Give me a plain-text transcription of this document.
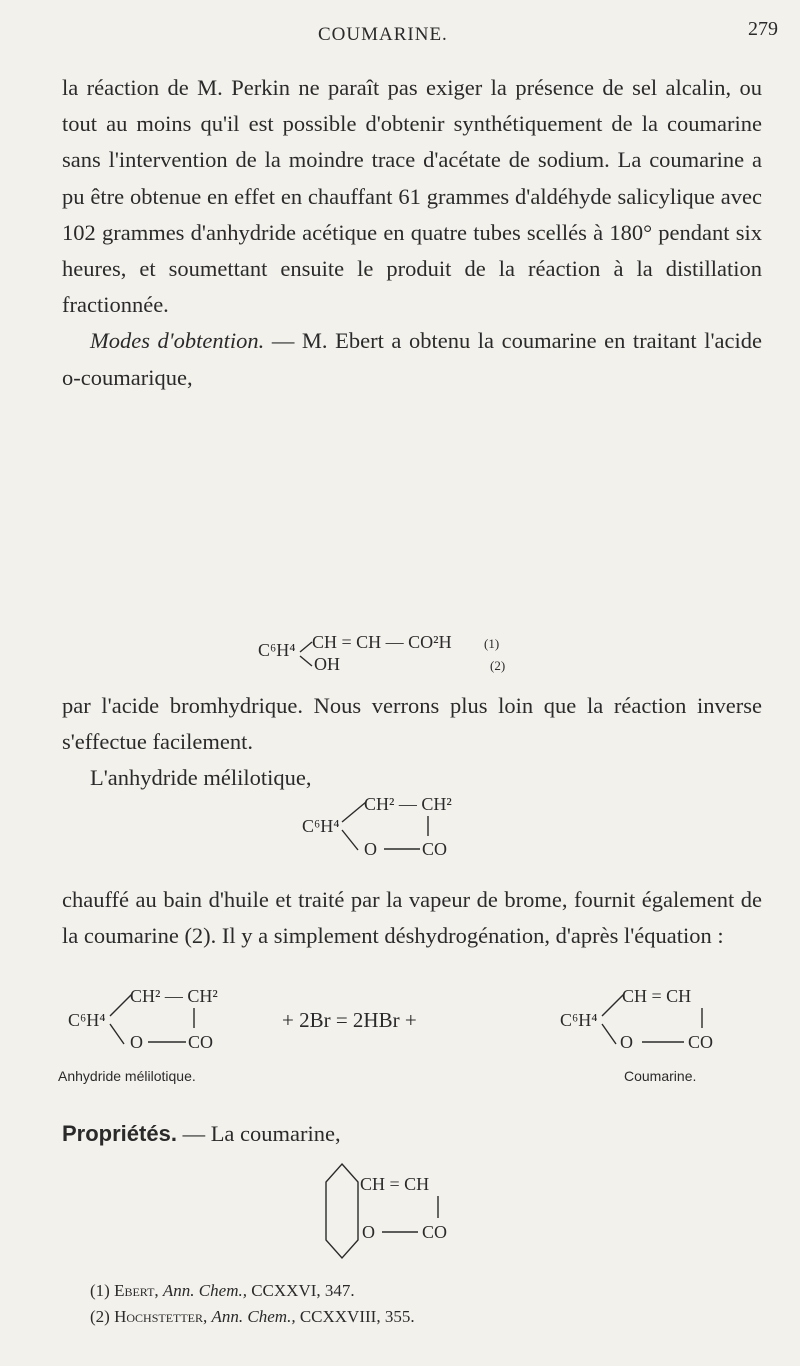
COUMARINE.	279

la réaction de M. Perkin ne paraît pas exiger la présence de sel alcalin, ou tout au moins qu'il est possible d'obtenir synthétiquement de la coumarine sans l'intervention de la moindre trace d'acétate de sodium. La coumarine a pu être obtenue en effet en chauffant 61 grammes d'aldéhyde salicylique avec 102 grammes d'anhydride acétique en quatre tubes scellés à 180° pendant six heures, et soumettant ensuite le produit de la réaction à la distillation fractionnée.

Modes d'obtention. — M. Ebert a obtenu la coumarine en traitant l'acide o-coumarique,

C⁶H⁴ CH = CH — CO²H
OH
(1)
(2)

par l'acide bromhydrique. Nous verrons plus loin que la réaction inverse s'effectue facilement.

L'anhydride mélilotique,

C⁶H⁴
CH² — CH²
O	CO

chauffé au bain d'huile et traité par la vapeur de brome, fournit également de la coumarine (2). Il y a simplement déshydrogénation, d'après l'équation :

C⁶H⁴
CH² — CH²
O	CO
+ 2Br = 2HBr +	C⁶H⁴
CH = CH
O	CO
Anhydride mélilotique.	Coumarine.

Propriétés. — La coumarine,

CH = CH
O	CO
(1) Ebert, Ann. Chem., CCXXVI, 347.
(2) Hochstetter, Ann. Chem., CCXXVIII, 355.
